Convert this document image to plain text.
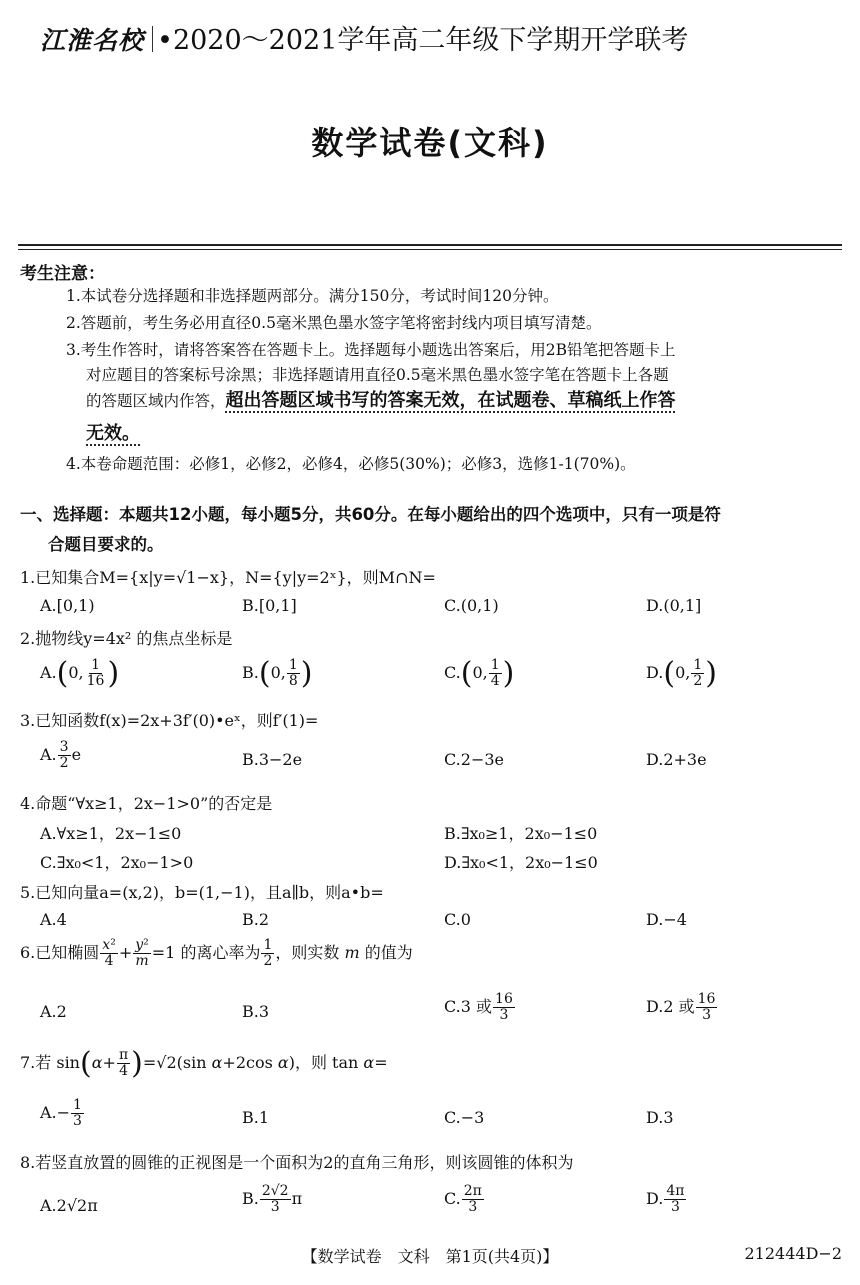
江淮名校 •2020～2021学年高二年级下学期开学联考
数学试卷(文科)
考生注意：
1.本试卷分选择题和非选择题两部分。满分150分，考试时间120分钟。
2.答题前，考生务必用直径0.5毫米黑色墨水签字笔将密封线内项目填写清楚。
3.考生作答时，请将答案答在答题卡上。选择题每小题选出答案后，用2B铅笔把答题卡上
对应题目的答案标号涂黑；非选择题请用直径0.5毫米黑色墨水签字笔在答题卡上各题
的答题区域内作答，超出答题区域书写的答案无效，在试题卷、草稿纸上作答
无效。
4.本卷命题范围：必修1，必修2，必修4，必修5(30%)；必修3，选修1-1(70%)。
一、选择题：本题共12小题，每小题5分，共60分。在每小题给出的四个选项中，只有一项是符
合题目要求的。
1.已知集合M={x|y=√1−x}，N={y|y=2ˣ}，则M∩N=
A.[0,1)	B.[0,1]	C.(0,1)	D.(0,1]
2.抛物线y=4x² 的焦点坐标是
A.(0, $\frac{1}{16}$ )	B.(0, $\frac{1}{8}$ )	C.(0, $\frac{1}{4}$ )	D.(0, $\frac{1}{2}$ )
3.已知函数f(x)=2x+3f′(0)•eˣ，则f′(1)=
A. $\frac{3}{2}$ e	B.3−2e	C.2−3e	D.2+3e
4.命题“∀x≥1，2x−1>0”的否定是
A.∀x≥1，2x−1≤0	B.∃x₀≥1，2x₀−1≤0
C.∃x₀<1，2x₀−1>0	D.∃x₀<1，2x₀−1≤0
5.已知向量a=(x,2)，b=(1,−1)，且a∥b，则a•b=
A.4	B.2	C.0	D.−4
6.已知椭圆 $\frac{\text{x²}}{4} + \frac{\text{y²}}{m} =1$ 的离心率为 $\frac{1}{2}$ ，则实数 m 的值为
A.2	B.3	C.3 或 $\frac{16}{3}$	D.2 或 $\frac{16}{3}$
7.若 $\sin(\alpha+ \frac{\pi}{4} )=√2(\sin$ α+2cos α)，则 tan α=
$A.- \frac{1}{3}$	B.1	C.−3	D.3
8.若竖直放置的圆锥的正视图是一个面积为2的直角三角形，则该圆锥的体积为
A.2√2π	B. $\frac{2√2}{3}$ π	C. $\frac{2\pi}{3}$	D. $\frac{4\pi}{3}$
【数学试卷　文科　第1页(共4页)】	212444D−2
